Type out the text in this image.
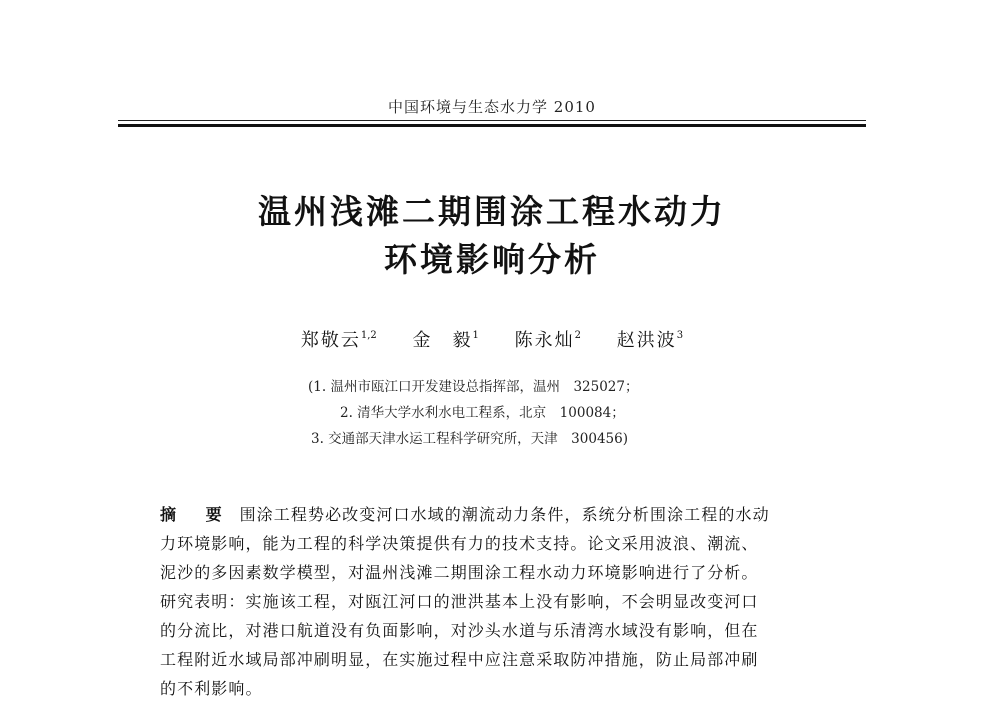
中国环境与生态水力学 2010
温州浅滩二期围涂工程水动力
环境影响分析
郑敬云$^{1,2}$ 金　毅$^1$ 陈永灿$^2$ 赵洪波$^3$
(1. 温州市瓯江口开发建设总指挥部，温州　325027；
2. 清华大学水利水电工程系，北京　100084；
3. 交通部天津水运工程科学研究所，天津　300456)
摘 要 围涂工程势必改变河口水域的潮流动力条件，系统分析围涂工程的水动
力环境影响，能为工程的科学决策提供有力的技术支持。论文采用波浪、潮流、
泥沙的多因素数学模型，对温州浅滩二期围涂工程水动力环境影响进行了分析。
研究表明：实施该工程，对瓯江河口的泄洪基本上没有影响，不会明显改变河口
的分流比，对港口航道没有负面影响，对沙头水道与乐清湾水域没有影响，但在
工程附近水域局部冲刷明显，在实施过程中应注意采取防冲措施，防止局部冲刷
的不利影响。
